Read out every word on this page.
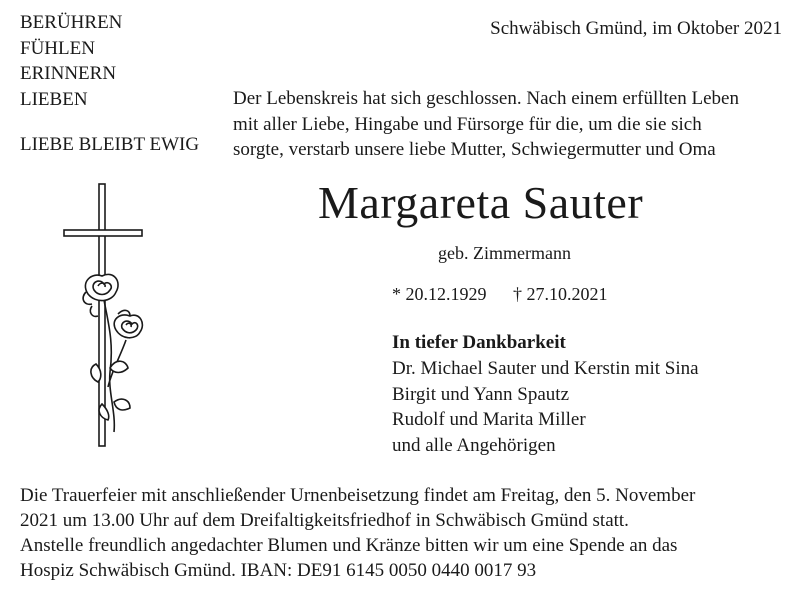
BERÜHREN
FÜHLEN
ERINNERN
LIEBEN
LIEBE BLEIBT EWIG
Schwäbisch Gmünd, im Oktober 2021
Der Lebenskreis hat sich geschlossen. Nach einem erfüllten Leben
mit aller Liebe, Hingabe und Fürsorge für die, um die sie sich
sorgte, verstarb unsere liebe Mutter, Schwiegermutter und Oma
Margareta Sauter
geb. Zimmermann
* 20.12.1929 † 27.10.2021
In tiefer Dankbarkeit
Dr. Michael Sauter und Kerstin mit Sina
Birgit und Yann Spautz
Rudolf und Marita Miller
und alle Angehörigen
Die Trauerfeier mit anschließender Urnenbeisetzung findet am Freitag, den 5. November
2021 um 13.00 Uhr auf dem Dreifaltigkeitsfriedhof in Schwäbisch Gmünd statt.
Anstelle freundlich angedachter Blumen und Kränze bitten wir um eine Spende an das
Hospiz Schwäbisch Gmünd. IBAN: DE91 6145 0050 0440 0017 93
